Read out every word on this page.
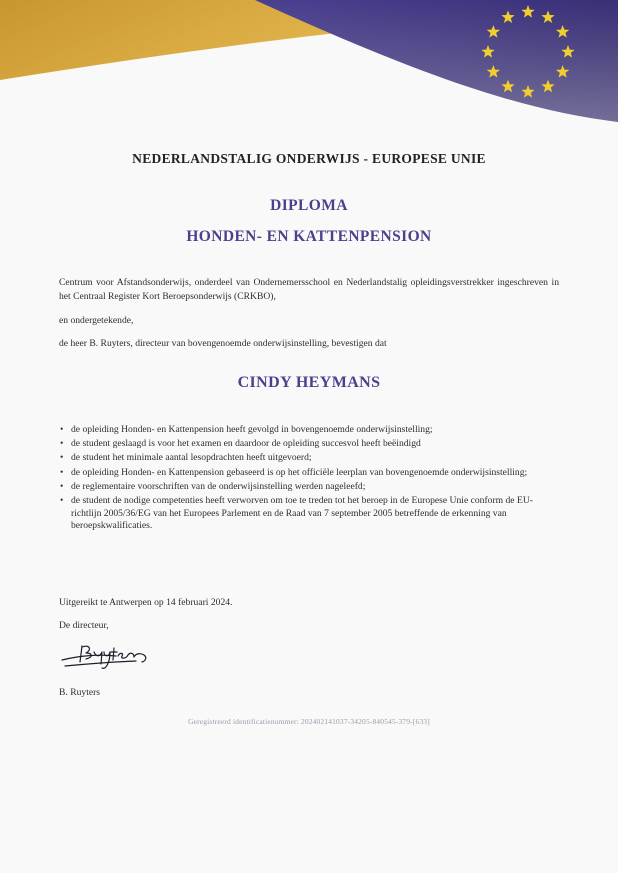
NEDERLANDSTALIG ONDERWIJS - EUROPESE UNIE
DIPLOMA
HONDEN- EN KATTENPENSION
Centrum voor Afstandsonderwijs, onderdeel van Ondernemersschool en Nederlandstalig opleidingsverstrekker ingeschreven in het Centraal Register Kort Beroepsonderwijs (CRKBO),
en ondergetekende,
de heer B. Ruyters, directeur van bovengenoemde onderwijsinstelling, bevestigen dat
CINDY HEYMANS
• de opleiding Honden- en Kattenpension heeft gevolgd in bovengenoemde onderwijsinstelling;
• de student geslaagd is voor het examen en daardoor de opleiding succesvol heeft beëindigd
• de student het minimale aantal lesopdrachten heeft uitgevoerd;
• de opleiding Honden- en Kattenpension gebaseerd is op het officiële leerplan van bovengenoemde onderwijsinstelling;
• de reglementaire voorschriften van de onderwijsinstelling werden nageleefd;
• de student de nodige competenties heeft verworven om toe te treden tot het beroep in de Europese Unie conform de EU-richtlijn 2005/36/EG van het Europees Parlement en de Raad van 7 september 2005 betreffende de erkenning van beroepskwalificaties.
Uitgereikt te Antwerpen op 14 februari 2024.
De directeur,
B. Ruyters
Geregistreerd identificatienummer: 202402141037-34205-840545-379-[633]
